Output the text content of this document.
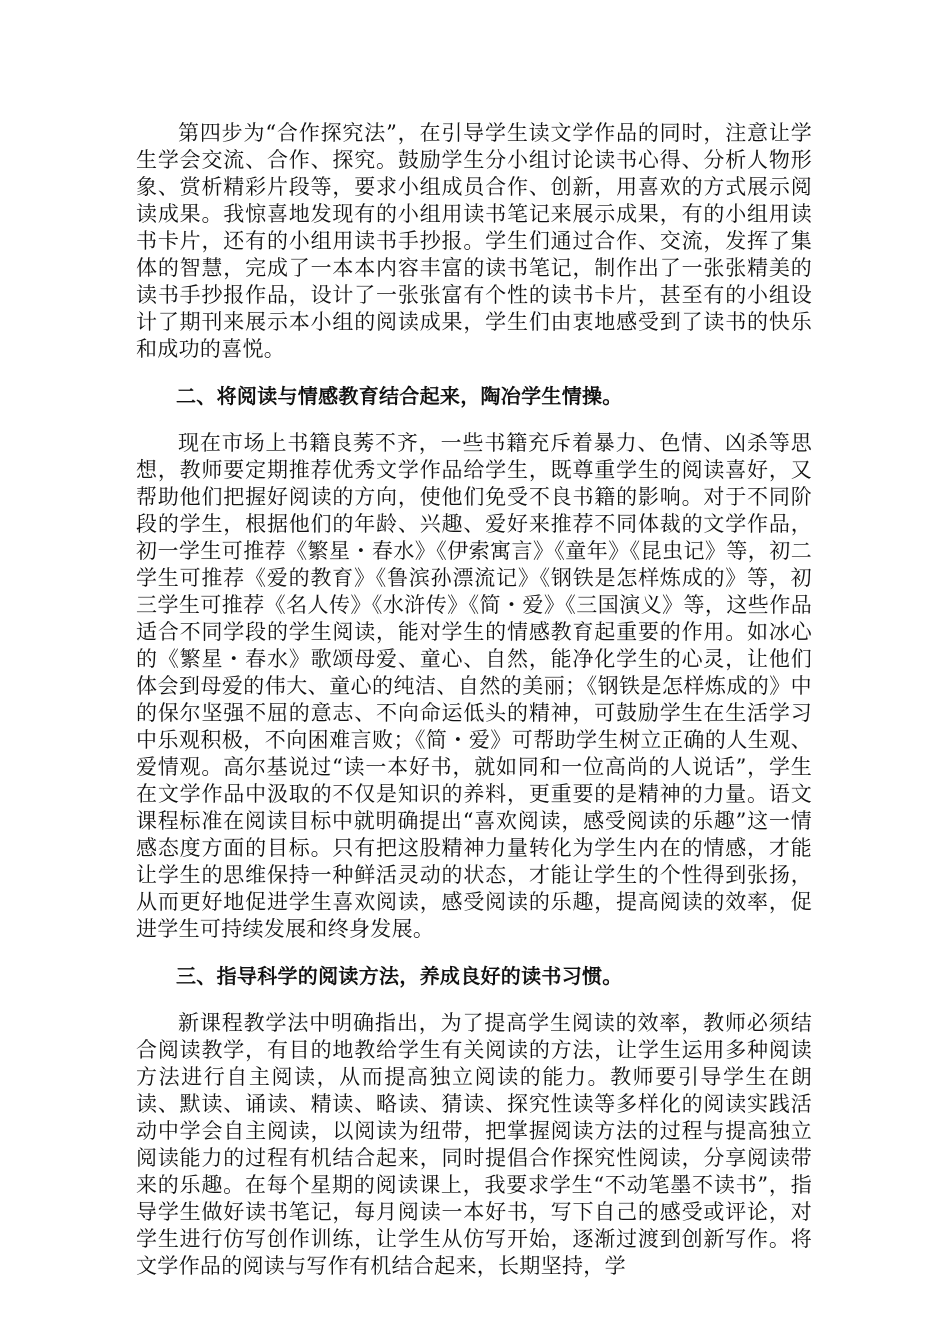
第四步为“合作探究法”，在引导学生读文学作品的同时，注意让学生学会交流、合作、探究。鼓励学生分小组讨论读书心得、分析人物形象、赏析精彩片段等，要求小组成员合作、创新，用喜欢的方式展示阅读成果。我惊喜地发现有的小组用读书笔记来展示成果，有的小组用读书卡片，还有的小组用读书手抄报。学生们通过合作、交流，发挥了集体的智慧，完成了一本本内容丰富的读书笔记，制作出了一张张精美的读书手抄报作品，设计了一张张富有个性的读书卡片，甚至有的小组设计了期刊来展示本小组的阅读成果，学生们由衷地感受到了读书的快乐和成功的喜悦。

二、将阅读与情感教育结合起来，陶冶学生情操。

现在市场上书籍良莠不齐，一些书籍充斥着暴力、色情、凶杀等思想，教师要定期推荐优秀文学作品给学生，既尊重学生的阅读喜好，又帮助他们把握好阅读的方向，使他们免受不良书籍的影响。对于不同阶段的学生，根据他们的年龄、兴趣、爱好来推荐不同体裁的文学作品，初一学生可推荐《繁星・春水》《伊索寓言》《童年》《昆虫记》等，初二学生可推荐《爱的教育》《鲁滨孙漂流记》《钢铁是怎样炼成的》等，初三学生可推荐《名人传》《水浒传》《简・爱》《三国演义》等，这些作品适合不同学段的学生阅读，能对学生的情感教育起重要的作用。如冰心的《繁星・春水》歌颂母爱、童心、自然，能净化学生的心灵，让他们体会到母爱的伟大、童心的纯洁、自然的美丽；《钢铁是怎样炼成的》中的保尔坚强不屈的意志、不向命运低头的精神，可鼓励学生在生活学习中乐观积极，不向困难言败；《简・爱》可帮助学生树立正确的人生观、爱情观。高尔基说过“读一本好书，就如同和一位高尚的人说话”，学生在文学作品中汲取的不仅是知识的养料，更重要的是精神的力量。语文课程标准在阅读目标中就明确提出“喜欢阅读，感受阅读的乐趣”这一情感态度方面的目标。只有把这股精神力量转化为学生内在的情感，才能让学生的思维保持一种鲜活灵动的状态，才能让学生的个性得到张扬，从而更好地促进学生喜欢阅读，感受阅读的乐趣，提高阅读的效率，促进学生可持续发展和终身发展。

三、指导科学的阅读方法，养成良好的读书习惯。

新课程教学法中明确指出，为了提高学生阅读的效率，教师必须结合阅读教学，有目的地教给学生有关阅读的方法，让学生运用多种阅读方法进行自主阅读，从而提高独立阅读的能力。教师要引导学生在朗读、默读、诵读、精读、略读、猜读、探究性读等多样化的阅读实践活动中学会自主阅读，以阅读为纽带，把掌握阅读方法的过程与提高独立阅读能力的过程有机结合起来，同时提倡合作探究性阅读，分享阅读带来的乐趣。在每个星期的阅读课上，我要求学生“不动笔墨不读书”，指导学生做好读书笔记，每月阅读一本好书，写下自己的感受或评论，对学生进行仿写创作训练，让学生从仿写开始，逐渐过渡到创新写作。将文学作品的阅读与写作有机结合起来，长期坚持，学
